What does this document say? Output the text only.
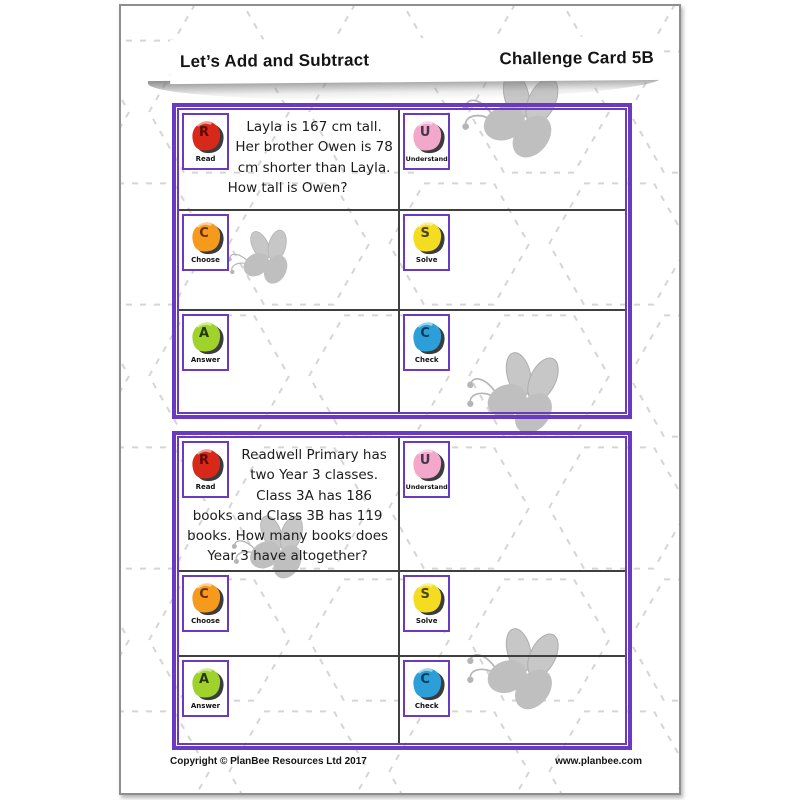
Let’s Add and Subtract	Challenge Card 5B
R
Read
Layla is 167 cm tall. Her brother Owen is 78 cm shorter than Layla. How tall is Owen?
U
Understand
C
Choose
S
Solve
A
Answer
C
Check
R
Read
Readwell Primary has two Year 3 classes. Class 3A has 186 books and Class 3B has 119 books. How many books does Year 3 have altogether?
U
Understand
C
Choose
S
Solve
A
Answer
C
Check
Copyright © PlanBee Resources Ltd 2017	www.planbee.com
